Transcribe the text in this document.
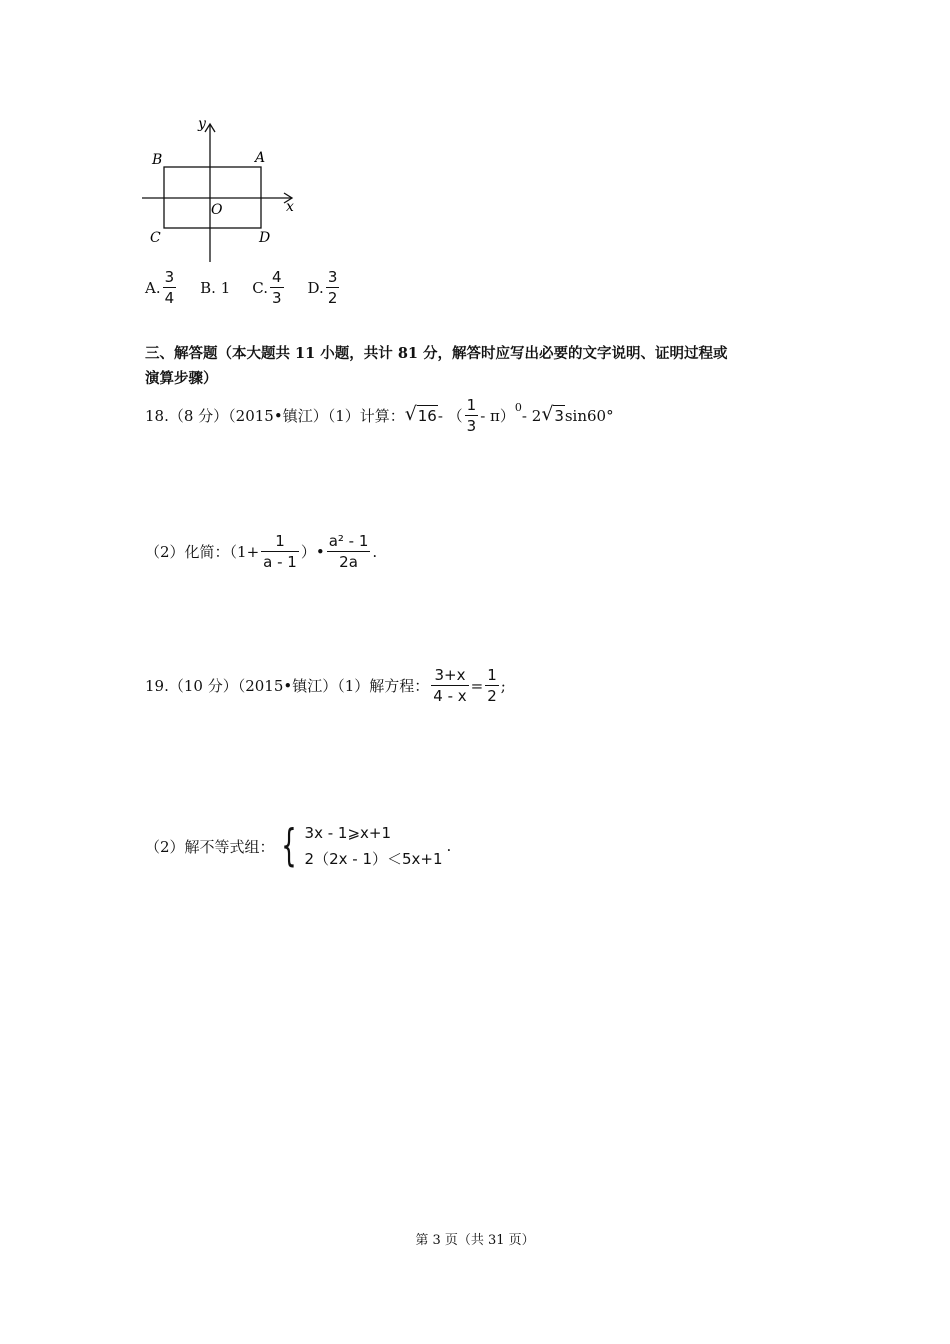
y
x
B	A
O
C	D
A. $\frac{3}{4} B$.
1 C. $\frac{4}{3} D$. $\frac{3}{2}$
三、解答题（本大题共 11 小题，共计 81 分，解答时应写出必要的文字说明、证明过程或
演算步骤）
18.（8 分）（2015•镇江）（1）计算： √ 16 - （ $\frac{1}{3} - \pi)^0 - 2$ √ 3 sin60°
（2）化简：（$1+ \frac{1}{a - 1}$ ）• $\frac{\text{a² - 1}}{2a}$ .
19.（10 分）（2015•镇江）（1）解方程： $\frac{3+x}{4 - x} = \frac{1}{2}$ ;
（2）解不等式组： { 3x - 1⩾x+1
2（2x - 1）＜5x+1
.
第 3 页（共 31 页）
